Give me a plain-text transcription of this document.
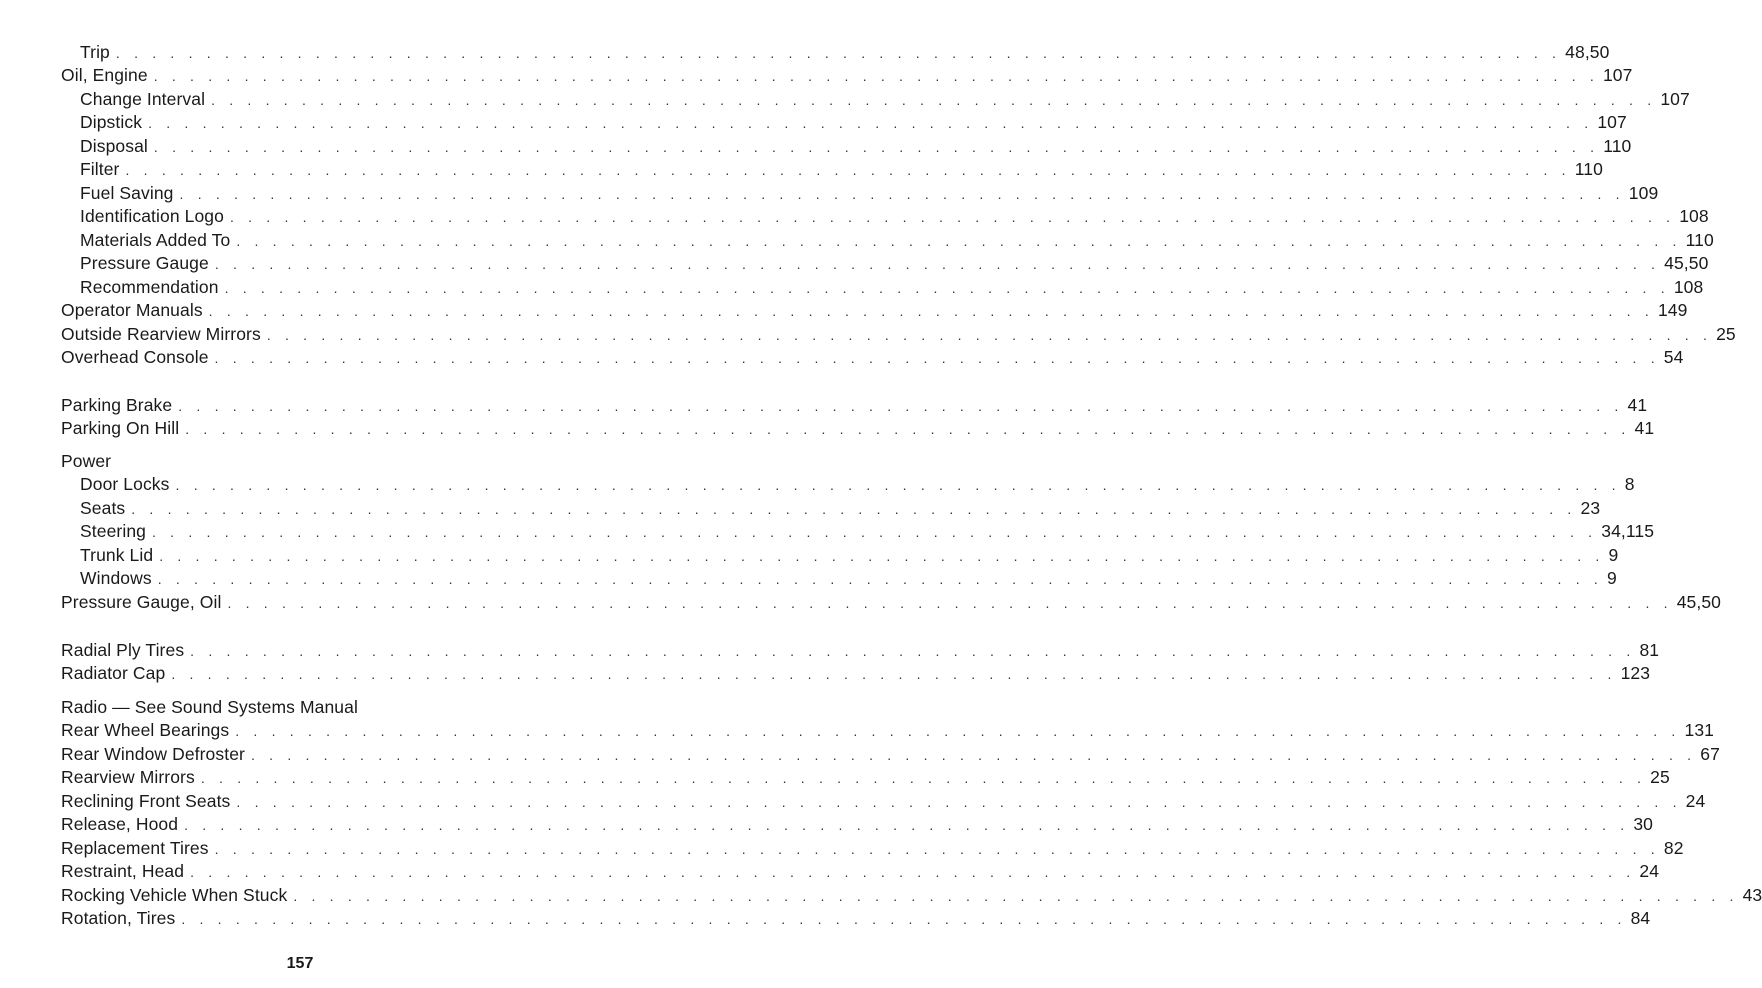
Trip . . . . . . . . . . . . . . . . . . . . . . . . . . . . . . . . . . . . . . . . . . . . . . . . . . . . . . . . . . . . . . . . . . . . . . . . . . . . . . . . 48,50
Oil, Engine . . . . . . . . . . . . . . . . . . . . . . . . . . . . . . . . . . . . . . . . . . . . . . . . . . . . . . . . . . . . . . . . . . . . . . . . . . . . . . . . 107
Change Interval . . . . . . . . . . . . . . . . . . . . . . . . . . . . . . . . . . . . . . . . . . . . . . . . . . . . . . . . . . . . . . . . . . . . . . . . . . . . . . . . 107
Dipstick . . . . . . . . . . . . . . . . . . . . . . . . . . . . . . . . . . . . . . . . . . . . . . . . . . . . . . . . . . . . . . . . . . . . . . . . . . . . . . . . 107
Disposal . . . . . . . . . . . . . . . . . . . . . . . . . . . . . . . . . . . . . . . . . . . . . . . . . . . . . . . . . . . . . . . . . . . . . . . . . . . . . . . . 110
Filter . . . . . . . . . . . . . . . . . . . . . . . . . . . . . . . . . . . . . . . . . . . . . . . . . . . . . . . . . . . . . . . . . . . . . . . . . . . . . . . . 110
Fuel Saving . . . . . . . . . . . . . . . . . . . . . . . . . . . . . . . . . . . . . . . . . . . . . . . . . . . . . . . . . . . . . . . . . . . . . . . . . . . . . . . . 109
Identification Logo . . . . . . . . . . . . . . . . . . . . . . . . . . . . . . . . . . . . . . . . . . . . . . . . . . . . . . . . . . . . . . . . . . . . . . . . . . . . . . . . 108
Materials Added To . . . . . . . . . . . . . . . . . . . . . . . . . . . . . . . . . . . . . . . . . . . . . . . . . . . . . . . . . . . . . . . . . . . . . . . . . . . . . . . . 110
Pressure Gauge . . . . . . . . . . . . . . . . . . . . . . . . . . . . . . . . . . . . . . . . . . . . . . . . . . . . . . . . . . . . . . . . . . . . . . . . . . . . . . . . 45,50
Recommendation . . . . . . . . . . . . . . . . . . . . . . . . . . . . . . . . . . . . . . . . . . . . . . . . . . . . . . . . . . . . . . . . . . . . . . . . . . . . . . . . 108
Operator Manuals . . . . . . . . . . . . . . . . . . . . . . . . . . . . . . . . . . . . . . . . . . . . . . . . . . . . . . . . . . . . . . . . . . . . . . . . . . . . . . . . 149
Outside Rearview Mirrors . . . . . . . . . . . . . . . . . . . . . . . . . . . . . . . . . . . . . . . . . . . . . . . . . . . . . . . . . . . . . . . . . . . . . . . . . . . . . . . . 25
Overhead Console . . . . . . . . . . . . . . . . . . . . . . . . . . . . . . . . . . . . . . . . . . . . . . . . . . . . . . . . . . . . . . . . . . . . . . . . . . . . . . . . 54
Parking Brake . . . . . . . . . . . . . . . . . . . . . . . . . . . . . . . . . . . . . . . . . . . . . . . . . . . . . . . . . . . . . . . . . . . . . . . . . . . . . . . . 41
Parking On Hill . . . . . . . . . . . . . . . . . . . . . . . . . . . . . . . . . . . . . . . . . . . . . . . . . . . . . . . . . . . . . . . . . . . . . . . . . . . . . . . . 41
Power
Door Locks . . . . . . . . . . . . . . . . . . . . . . . . . . . . . . . . . . . . . . . . . . . . . . . . . . . . . . . . . . . . . . . . . . . . . . . . . . . . . . . . 8
Seats . . . . . . . . . . . . . . . . . . . . . . . . . . . . . . . . . . . . . . . . . . . . . . . . . . . . . . . . . . . . . . . . . . . . . . . . . . . . . . . . 23
Steering . . . . . . . . . . . . . . . . . . . . . . . . . . . . . . . . . . . . . . . . . . . . . . . . . . . . . . . . . . . . . . . . . . . . . . . . . . . . . . . . 34,115
Trunk Lid . . . . . . . . . . . . . . . . . . . . . . . . . . . . . . . . . . . . . . . . . . . . . . . . . . . . . . . . . . . . . . . . . . . . . . . . . . . . . . . . 9
Windows . . . . . . . . . . . . . . . . . . . . . . . . . . . . . . . . . . . . . . . . . . . . . . . . . . . . . . . . . . . . . . . . . . . . . . . . . . . . . . . . 9
Pressure Gauge, Oil . . . . . . . . . . . . . . . . . . . . . . . . . . . . . . . . . . . . . . . . . . . . . . . . . . . . . . . . . . . . . . . . . . . . . . . . . . . . . . . . 45,50
Radial Ply Tires . . . . . . . . . . . . . . . . . . . . . . . . . . . . . . . . . . . . . . . . . . . . . . . . . . . . . . . . . . . . . . . . . . . . . . . . . . . . . . . . 81
Radiator Cap . . . . . . . . . . . . . . . . . . . . . . . . . . . . . . . . . . . . . . . . . . . . . . . . . . . . . . . . . . . . . . . . . . . . . . . . . . . . . . . . 123
Radio — See Sound Systems Manual
Rear Wheel Bearings . . . . . . . . . . . . . . . . . . . . . . . . . . . . . . . . . . . . . . . . . . . . . . . . . . . . . . . . . . . . . . . . . . . . . . . . . . . . . . . . 131
Rear Window Defroster . . . . . . . . . . . . . . . . . . . . . . . . . . . . . . . . . . . . . . . . . . . . . . . . . . . . . . . . . . . . . . . . . . . . . . . . . . . . . . . . 67
Rearview Mirrors . . . . . . . . . . . . . . . . . . . . . . . . . . . . . . . . . . . . . . . . . . . . . . . . . . . . . . . . . . . . . . . . . . . . . . . . . . . . . . . . 25
Reclining Front Seats . . . . . . . . . . . . . . . . . . . . . . . . . . . . . . . . . . . . . . . . . . . . . . . . . . . . . . . . . . . . . . . . . . . . . . . . . . . . . . . . 24
Release, Hood . . . . . . . . . . . . . . . . . . . . . . . . . . . . . . . . . . . . . . . . . . . . . . . . . . . . . . . . . . . . . . . . . . . . . . . . . . . . . . . . 30
Replacement Tires . . . . . . . . . . . . . . . . . . . . . . . . . . . . . . . . . . . . . . . . . . . . . . . . . . . . . . . . . . . . . . . . . . . . . . . . . . . . . . . . 82
Restraint, Head . . . . . . . . . . . . . . . . . . . . . . . . . . . . . . . . . . . . . . . . . . . . . . . . . . . . . . . . . . . . . . . . . . . . . . . . . . . . . . . . 24
Rocking Vehicle When Stuck . . . . . . . . . . . . . . . . . . . . . . . . . . . . . . . . . . . . . . . . . . . . . . . . . . . . . . . . . . . . . . . . . . . . . . . . . . . . . . . . 43
Rotation, Tires . . . . . . . . . . . . . . . . . . . . . . . . . . . . . . . . . . . . . . . . . . . . . . . . . . . . . . . . . . . . . . . . . . . . . . . . . . . . . . . . 84
157
